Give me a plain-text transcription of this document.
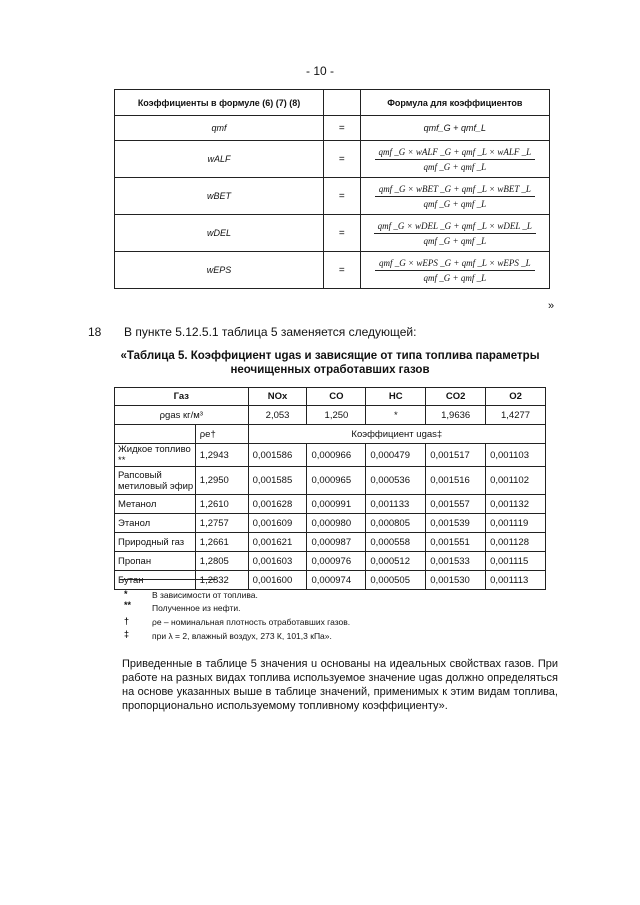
- 10 -
Коэффициенты в формуле (6) (7) (8)		Формула для коэффициентов
qmf	=	qmf_G + qmf_L
wALF	=	$\frac{\text{qmf \_G × wALF \_G + qmf \_L × wALF \_L}}{\text{qmf \_G + qmf \_L}}$

wBET	=	$\frac{\text{qmf \_G × wBET \_G + qmf \_L × wBET \_L}}{\text{qmf \_G + qmf \_L}}$

wDEL	=	$\frac{\text{qmf \_G × wDEL \_G + qmf \_L × wDEL \_L}}{\text{qmf \_G + qmf \_L}}$

wEPS	=	$\frac{\text{qmf \_G × wEPS \_G + qmf \_L × wEPS \_L}}{\text{qmf \_G + qmf \_L}}$
»
18 В пункте 5.12.5.1 таблица 5 заменяется следующей:
«Таблица 5. Коэффициент ugas и зависящие от типа топлива параметры
неочищенных отработавших газов
Газ		NOx	CO	HC	CO2	O2
ρgas кг/м³		2,053	1,250	*	1,9636	1,4277
	ρe†	Коэффициент ugas‡				
Жидкое топливо **	1,2943	0,001586	0,000966	0,000479	0,001517	0,001103
Рапсовый метиловый эфир	1,2950	0,001585	0,000965	0,000536	0,001516	0,001102
Метанол	1,2610	0,001628	0,000991	0,001133	0,001557	0,001132
Этанол	1,2757	0,001609	0,000980	0,000805	0,001539	0,001119
Природный газ	1,2661	0,001621	0,000987	0,000558	0,001551	0,001128
Пропан	1,2805	0,001603	0,000976	0,000512	0,001533	0,001115
Бутан	1,2832	0,001600	0,000974	0,000505	0,001530	0,001113
*	В зависимости от топлива.
** Полученное из нефти.
†	ρe – номинальная плотность отработавших газов.
‡	при λ = 2, влажный воздух, 273 К, 101,3 кПа».
Приведенные в таблице 5 значения u основаны на идеальных свойствах газов. При работе на разных видах топлива используемое значение ugas должно определяться на основе указанных выше в таблице значений, применимых к этим видам топлива, пропорционально используемому топливному коэффициенту».
